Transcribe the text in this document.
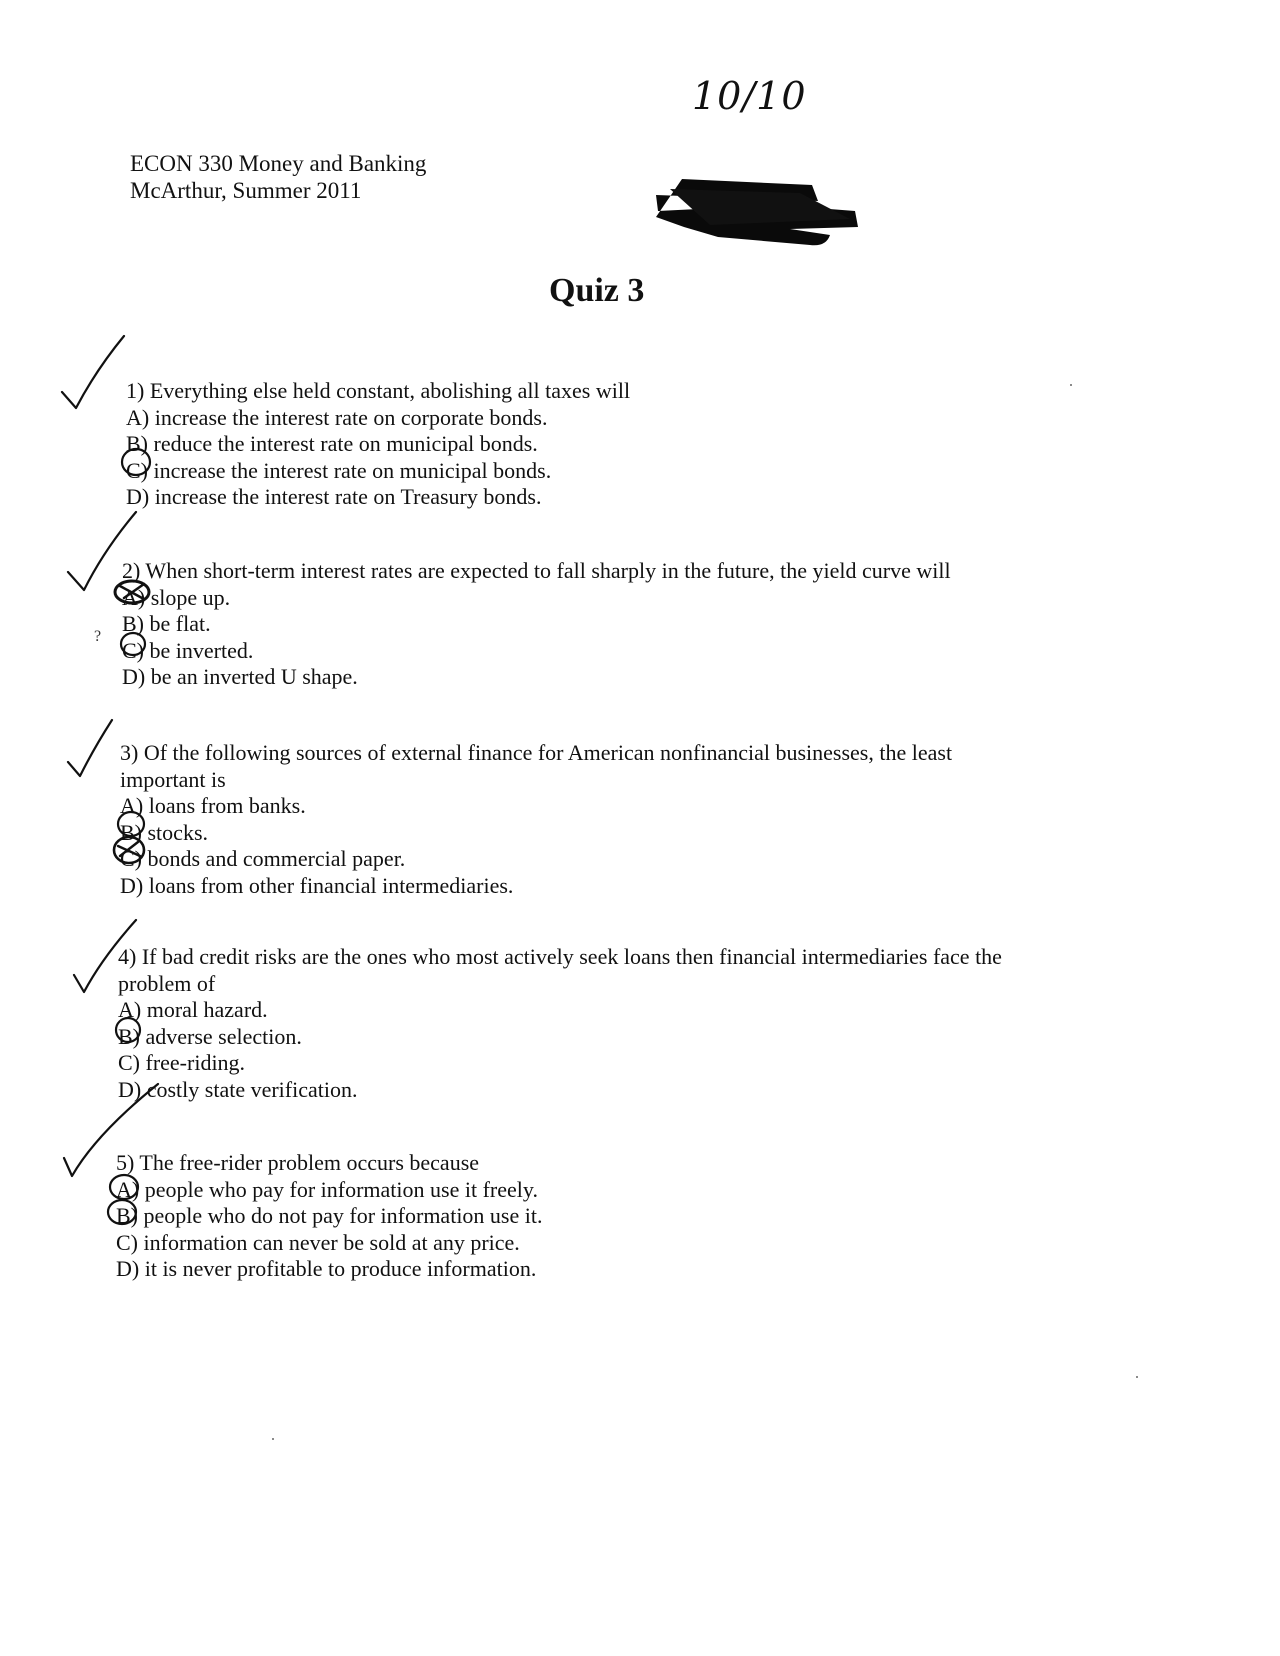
ECON 330 Money and Banking
McArthur, Summer 2011
10/10
Quiz 3
1) Everything else held constant, abolishing all taxes will
A) increase the interest rate on corporate bonds.
B) reduce the interest rate on municipal bonds.
C) increase the interest rate on municipal bonds.
D) increase the interest rate on Treasury bonds.
2) When short-term interest rates are expected to fall sharply in the future, the yield curve will
A) slope up.
B) be flat.
C) be inverted.
D) be an inverted U shape.
?
3) Of the following sources of external finance for American nonfinancial businesses, the least important is
A) loans from banks.
B) stocks.
C) bonds and commercial paper.
D) loans from other financial intermediaries.
4) If bad credit risks are the ones who most actively seek loans then financial intermediaries face the problem of
A) moral hazard.
B) adverse selection.
C) free-riding.
D) costly state verification.
5) The free-rider problem occurs because
A) people who pay for information use it freely.
B) people who do not pay for information use it.
C) information can never be sold at any price.
D) it is never profitable to produce information.
